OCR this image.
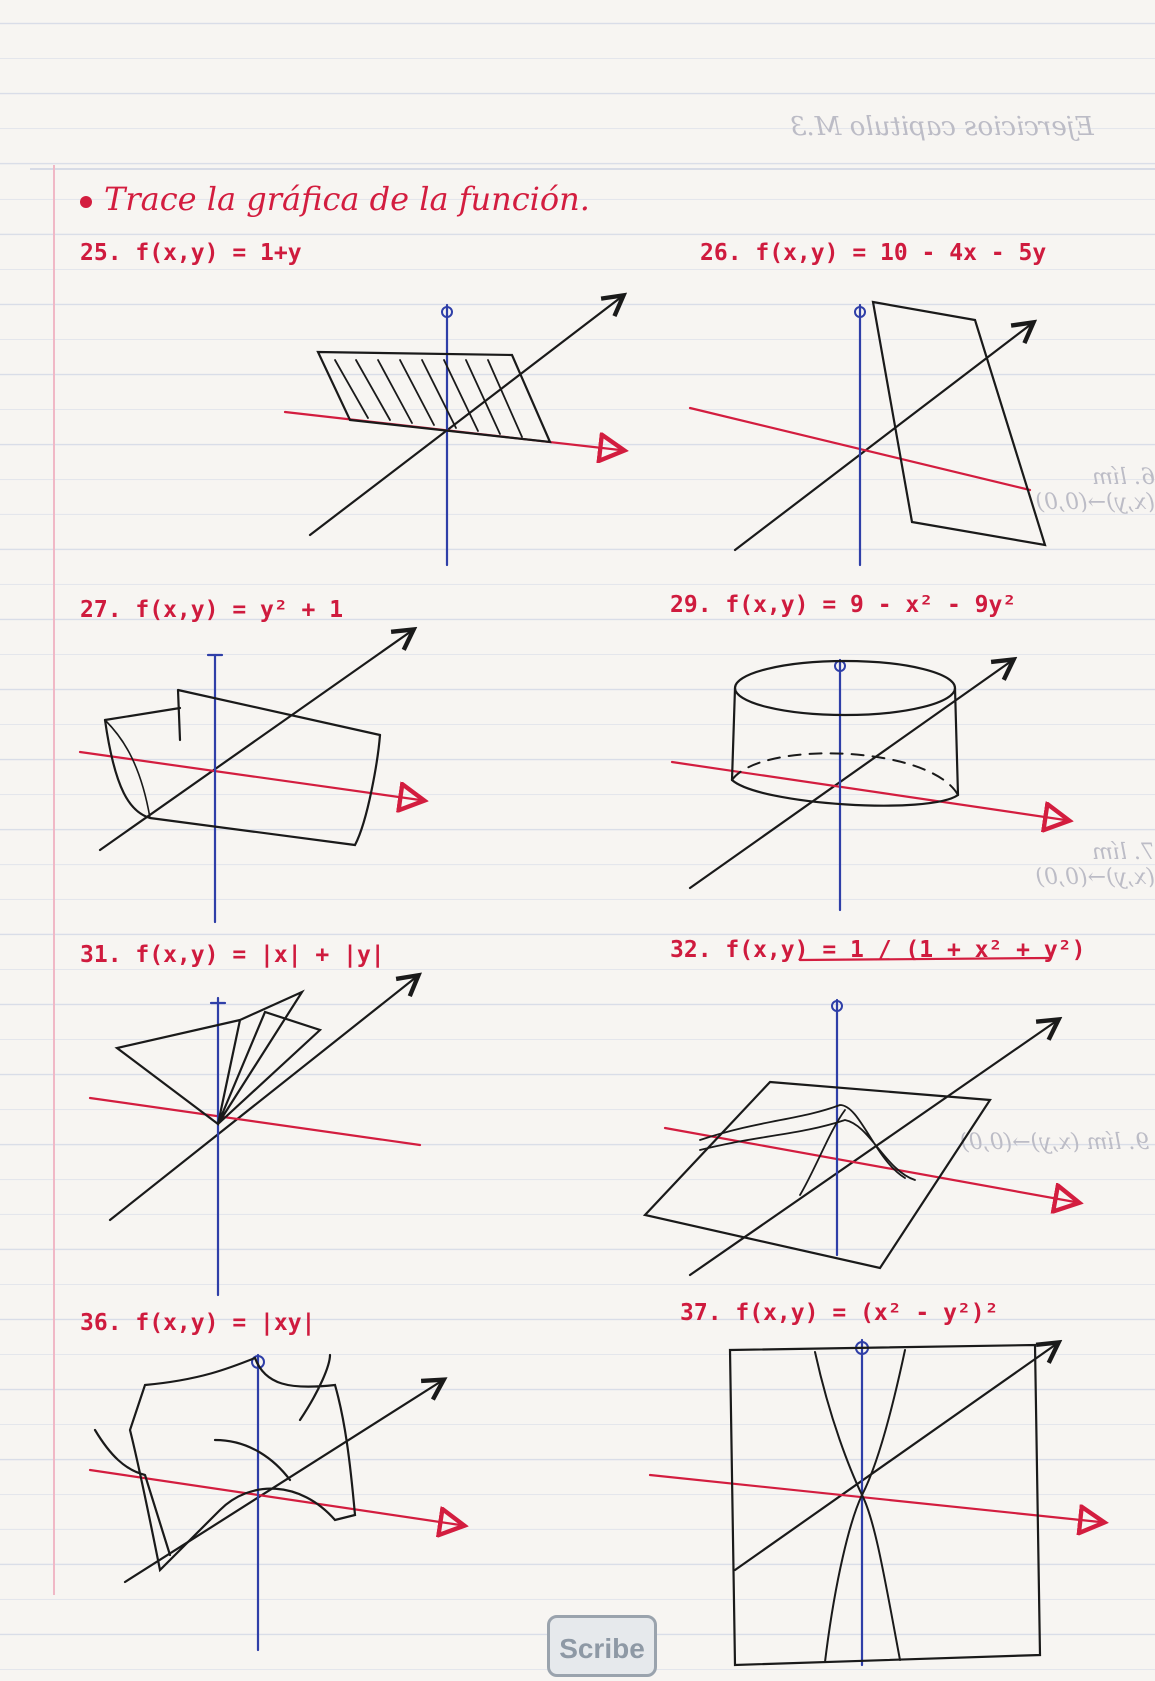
Ejercicios capitulo M.3
6. lím (x,y)→(0,0)
7. lím (x,y)→(0,0)
9. lím (x,y)→(0,0)
Trace la gráfica de la función.
25. f(x,y) = 1+y	26. f(x,y) = 10 - 4x - 5y
27. f(x,y) = y² + 1	29. f(x,y) = 9 - x² - 9y²
31. f(x,y) = |x| + |y|	32. f(x,y) = 1 / (1 + x² + y²)
36. f(x,y) = |xy|	37. f(x,y) = (x² - y²)²
Scribe
